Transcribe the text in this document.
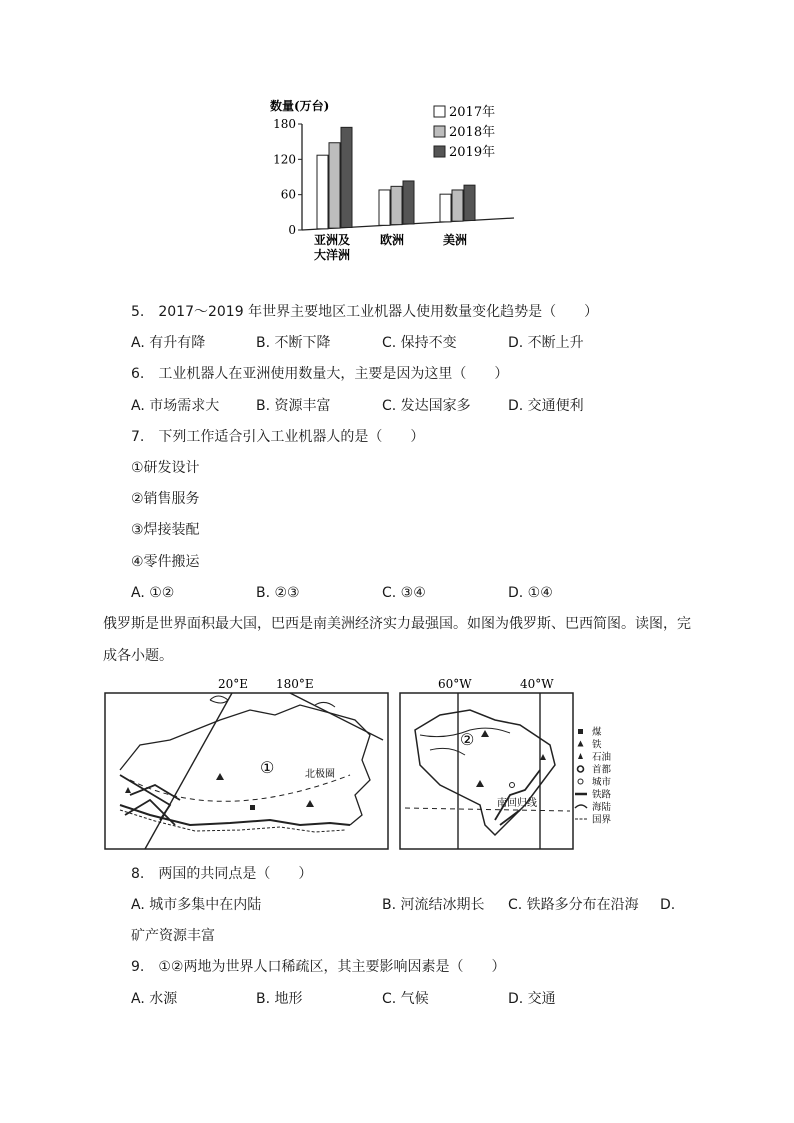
数量(万台)
180
120
60
0
亚洲及
大洋洲
欧洲	美洲
2017年
2018年
2019年
5.　2017～2019 年世界主要地区工业机器人使用数量变化趋势是（　　）
A. 有升有降	B. 不断下降	C. 保持不变	D. 不断上升
6.　工业机器人在亚洲使用数量大，主要是因为这里（　　）
A. 市场需求大	B. 资源丰富	C. 发达国家多	D. 交通便利
7.　下列工作适合引入工业机器人的是（　　）
①研发设计
②销售服务
③焊接装配
④零件搬运
A. ①②	B. ②③	C. ③④	D. ①④
俄罗斯是世界面积最大国，巴西是南美洲经济实力最强国。如图为俄罗斯、巴西简图。读图，完
成各小题。
20°E 180°E
北极圈
①
60°W	40°W
南回归线
②	煤
铁
石油
首都
城市
铁路
海陆
国界
8.　两国的共同点是（　　）
A. 城市多集中在内陆	B. 河流结冰期长 C. 铁路多分布在沿海 D.
矿产资源丰富
9.　①②两地为世界人口稀疏区，其主要影响因素是（　　）
A. 水源	B. 地形	C. 气候	D. 交通
